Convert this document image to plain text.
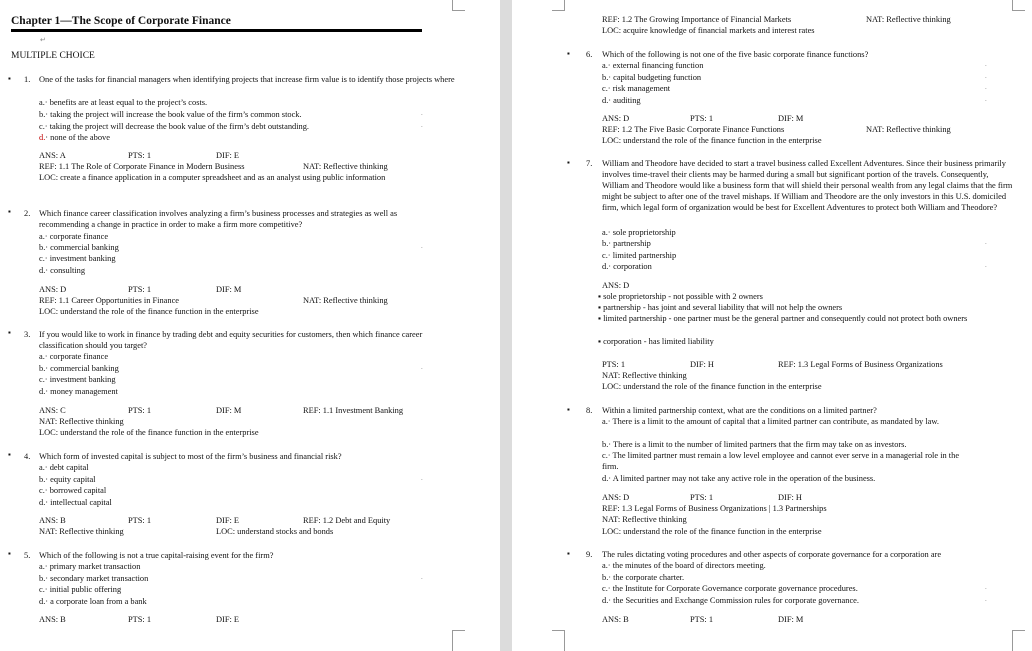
Chapter 1—The Scope of Corporate Finance
↵
MULTIPLE CHOICE
▪ 1. One of the tasks for financial managers when identifying projects that increase firm value is to identify those projects where
a.· benefits are at least equal to the project’s costs.
b.· taking the project will increase the book value of the firm’s common stock.
c.· taking the project will decrease the book value of the firm’s debt outstanding.
d.· none of the above
ANS: A	PTS: 1	DIF: E
REF: 1.1 The Role of Corporate Finance in Modern Business	NAT: Reflective thinking
LOC: create a finance application in a computer spreadsheet and as an analyst using public information
▪ 2. Which finance career classification involves analyzing a firm’s business processes and strategies as well as recommending a change in practice in order to make a firm more competitive?
a.· corporate finance
b.· commercial banking
c.· investment banking
d.· consulting
ANS: D	PTS: 1	DIF: M
REF: 1.1 Career Opportunities in Finance	NAT: Reflective thinking
LOC: understand the role of the finance function in the enterprise
▪ 3. If you would like to work in finance by trading debt and equity securities for customers, then which finance career classification should you target?
a.· corporate finance
b.· commercial banking
c.· investment banking
d.· money management
ANS: C	PTS: 1	DIF: M	REF: 1.1 Investment Banking
NAT: Reflective thinking
LOC: understand the role of the finance function in the enterprise
▪ 4. Which form of invested capital is subject to most of the firm’s business and financial risk?
a.· debt capital
b.· equity capital
c.· borrowed capital
d.· intellectual capital
ANS: B	PTS: 1	DIF: E	REF: 1.2 Debt and Equity
NAT: Reflective thinking	LOC: understand stocks and bonds
▪ 5. Which of the following is not a true capital-raising event for the firm?
a.· primary market transaction
b.· secondary market transaction
c.· initial public offering
d.· a corporate loan from a bank
ANS: B	PTS: 1	DIF: E
.
.
.
.
.
.
REF: 1.2 The Growing Importance of Financial Markets	NAT: Reflective thinking
LOC: acquire knowledge of financial markets and interest rates
▪ 6. Which of the following is not one of the five basic corporate finance functions?
a.· external financing function
b.· capital budgeting function
c.· risk management
d.· auditing
ANS: D	PTS: 1	DIF: M
REF: 1.2 The Five Basic Corporate Finance Functions	NAT: Reflective thinking
LOC: understand the role of the finance function in the enterprise
▪ 7. William and Theodore have decided to start a travel business called Excellent Adventures. Since their business primarily involves time-travel their clients may be harmed during a small but significant portion of the travels. Consequently, William and Theodore would like a business form that will shield their personal wealth from any legal claims that the firm might be subject to after one of the travel mishaps. If William and Theodore are the only investors in this U.S. domiciled firm, which legal form of organization would be best for Excellent Adventures to protect both William and Theodore?
a.· sole proprietorship
b.· partnership
c.· limited partnership
d.· corporation
ANS: D
▪ sole proprietorship - not possible with 2 owners
▪ partnership - has joint and several liability that will not help the owners
▪ limited partnership - one partner must be the general partner and consequently could not protect both owners
▪ corporation - has limited liability
PTS: 1	DIF: H	REF: 1.3 Legal Forms of Business Organizations
NAT: Reflective thinking
LOC: understand the role of the finance function in the enterprise
▪ 8. Within a limited partnership context, what are the conditions on a limited partner?
a.· There is a limit to the amount of capital that a limited partner can contribute, as mandated by law.
b.· There is a limit to the number of limited partners that the firm may take on as investors.
c.· The limited partner must remain a low level employee and cannot ever serve in a managerial role in the firm.
d.· A limited partner may not take any active role in the operation of the business.
ANS: D	PTS: 1	DIF: H
REF: 1.3 Legal Forms of Business Organizations | 1.3 Partnerships
NAT: Reflective thinking
LOC: understand the role of the finance function in the enterprise
▪ 9. The rules dictating voting procedures and other aspects of corporate governance for a corporation are
a.· the minutes of the board of directors meeting.
b.· the corporate charter.
c.· the Institute for Corporate Governance corporate governance procedures.
d.· the Securities and Exchange Commission rules for corporate governance.
ANS: B	PTS: 1	DIF: M
.
.
.
.
.
.
.
.
